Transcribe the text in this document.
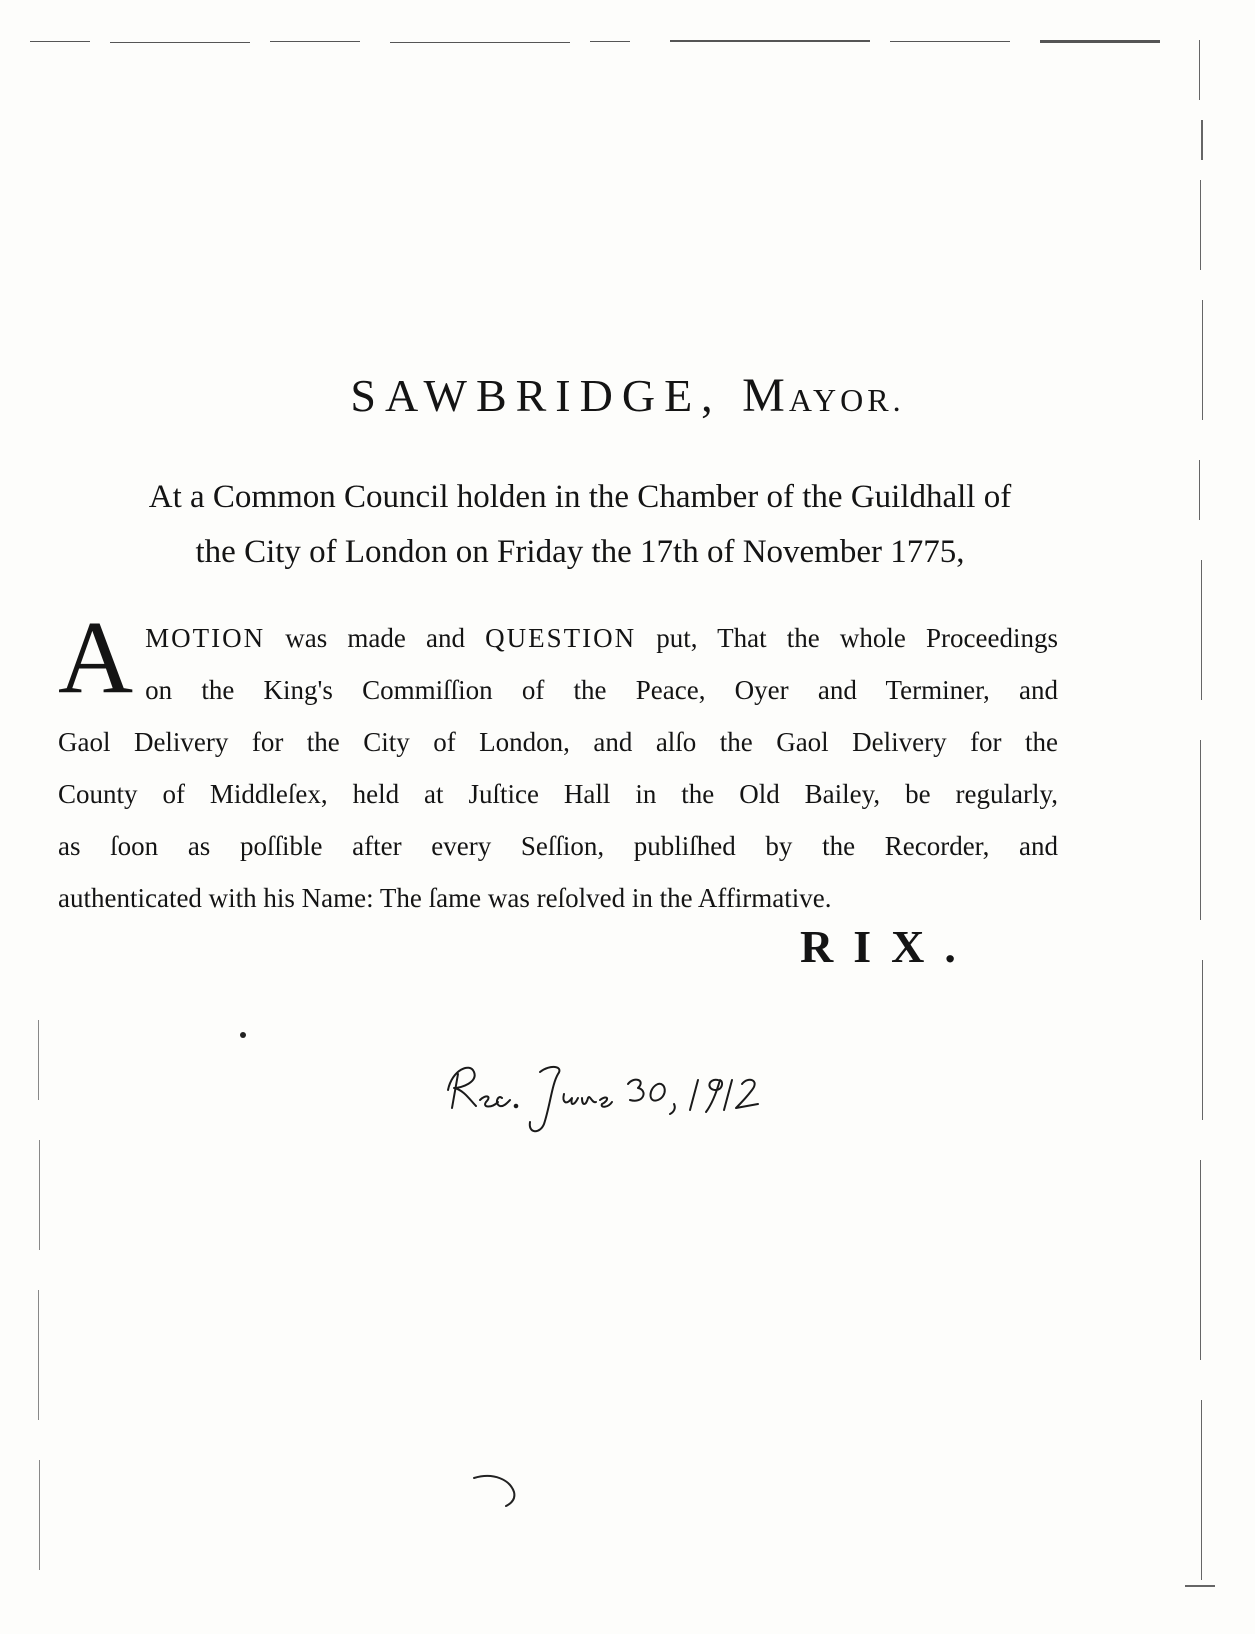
SAWBRIDGE, MAYOR.
At a Common Council holden in the Chamber of the Guildhall of
the City of London on Friday the 17th of November 1775,
A MOTION was made and QUESTION put, That the whole Proceedings
on the King's Commiſſion of the Peace, Oyer and Terminer, and
Gaol Delivery for the City of London, and alſo the Gaol Delivery for the
County of Middleſex, held at Juſtice Hall in the Old Bailey, be regularly,
as ſoon as poſſible after every Seſſion, publiſhed by the Recorder, and
authenticated with his Name: The ſame was reſolved in the Affirmative.
RIX.
